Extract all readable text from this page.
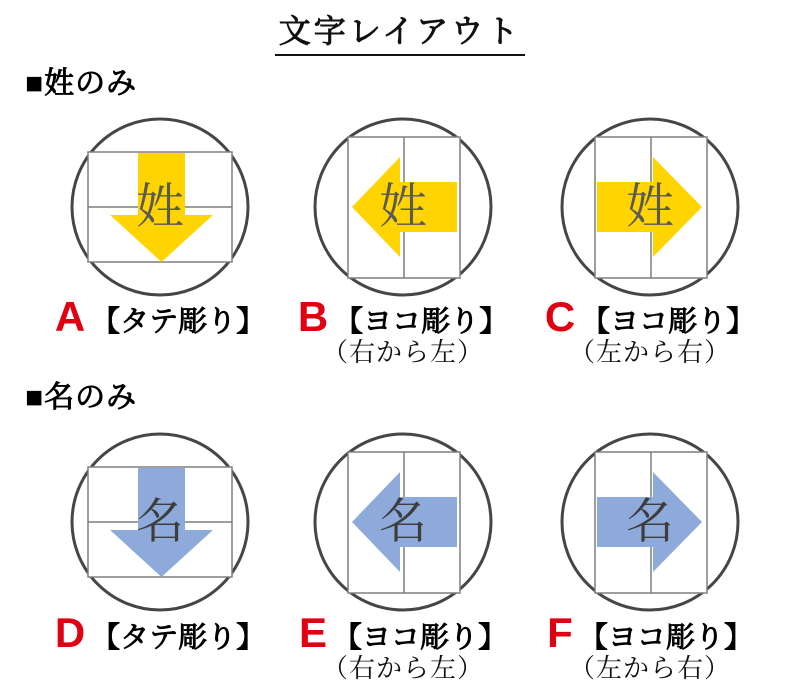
文字レイアウト
■姓のみ
■名のみ
姓	姓	姓
名	名	名
A 【タテ彫り】 B 【ヨコ彫り】
（右から左）
C 【ヨコ彫り】
（左から右）
D 【タテ彫り】 E 【ヨコ彫り】
（右から左）
F 【ヨコ彫り】
（左から右）
